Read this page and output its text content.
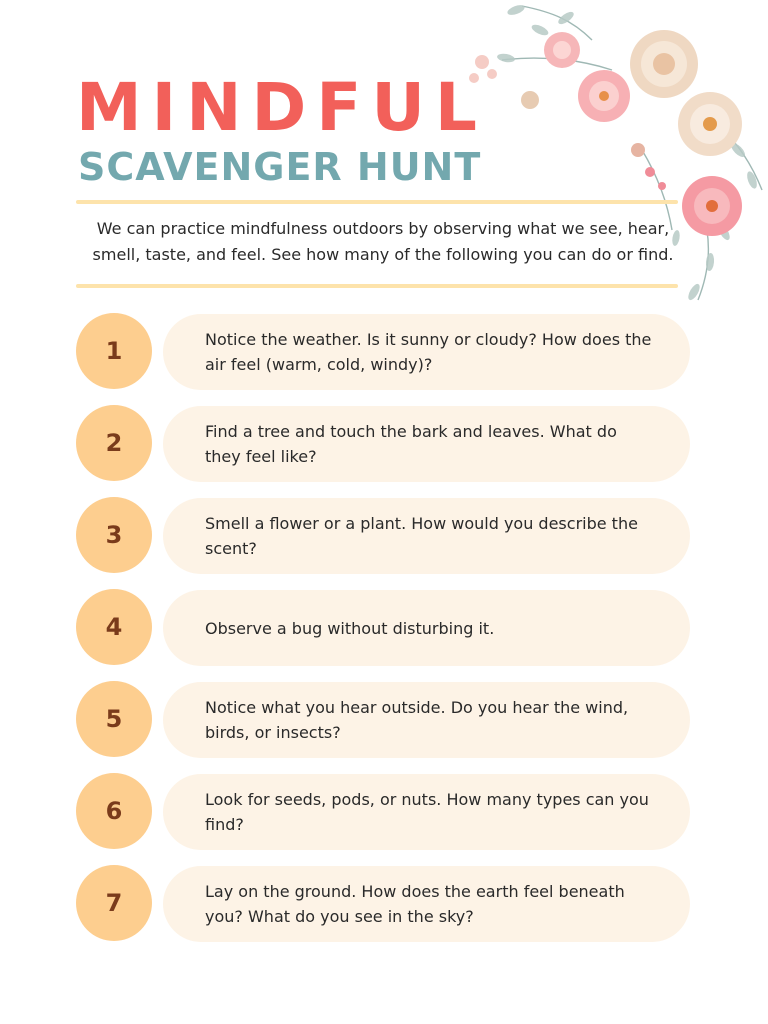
MINDFUL
SCAVENGER HUNT

We can practice mindfulness outdoors by observing what we see, hear, smell, taste, and feel. See how many of the following you can do or find.

1	Notice the weather. Is it sunny or cloudy? How does the air feel (warm, cold, windy)?
2	Find a tree and touch the bark and leaves. What do they feel like?
3	Smell a flower or a plant. How would you describe the scent?
4	Observe a bug without disturbing it.
5	Notice what you hear outside. Do you hear the wind, birds, or insects?
6	Look for seeds, pods, or nuts. How many types can you find?
7	Lay on the ground. How does the earth feel beneath you? What do you see in the sky?
